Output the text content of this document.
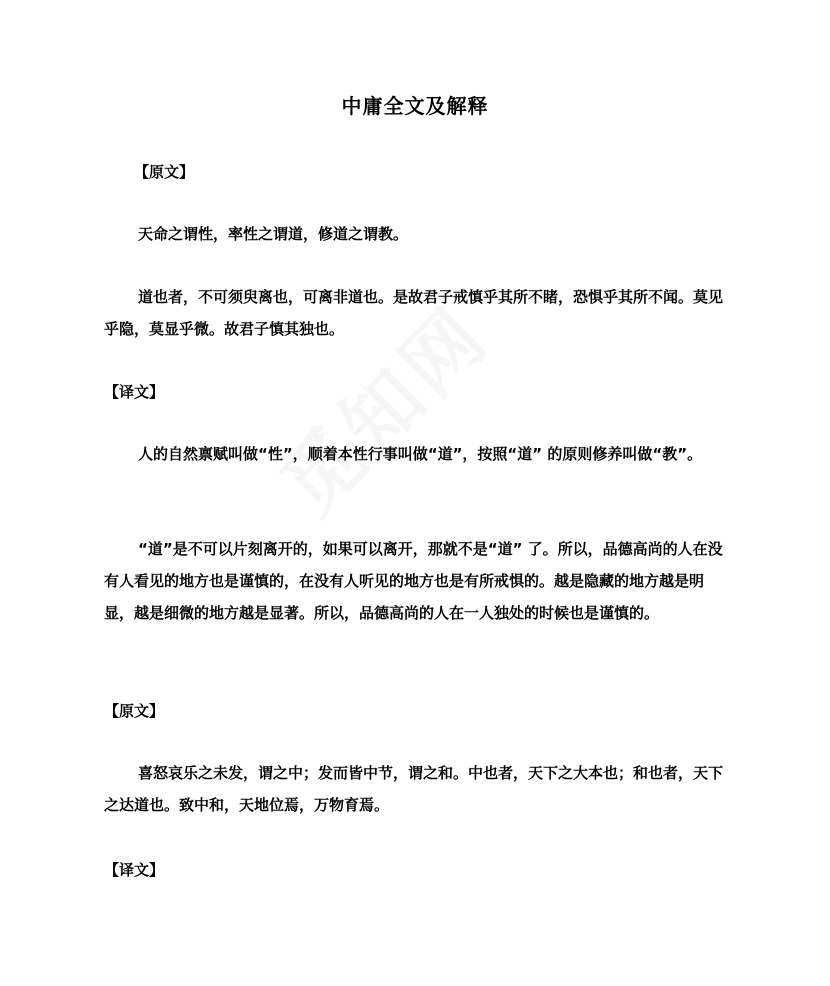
中庸全文及解释
【原文】
天命之谓性，率性之谓道，修道之谓教。
道也者，不可须臾离也，可离非道也。是故君子戒慎乎其所不睹，恐惧乎其所不闻。莫见乎隐，莫显乎微。故君子慎其独也。
【译文】
人的自然禀赋叫做“性”，顺着本性行事叫做“道”，按照“道” 的原则修养叫做“教”。
“道”是不可以片刻离开的，如果可以离开，那就不是“道” 了。所以，品德高尚的人在没有人看见的地方也是谨慎的，在没有人听见的地方也是有所戒惧的。越是隐藏的地方越是明显，越是细微的地方越是显著。所以，品德高尚的人在一人独处的时候也是谨慎的。
【原文】
喜怒哀乐之未发，谓之中；发而皆中节，谓之和。中也者，天下之大本也；和也者，天下之达道也。致中和，天地位焉，万物育焉。
【译文】
